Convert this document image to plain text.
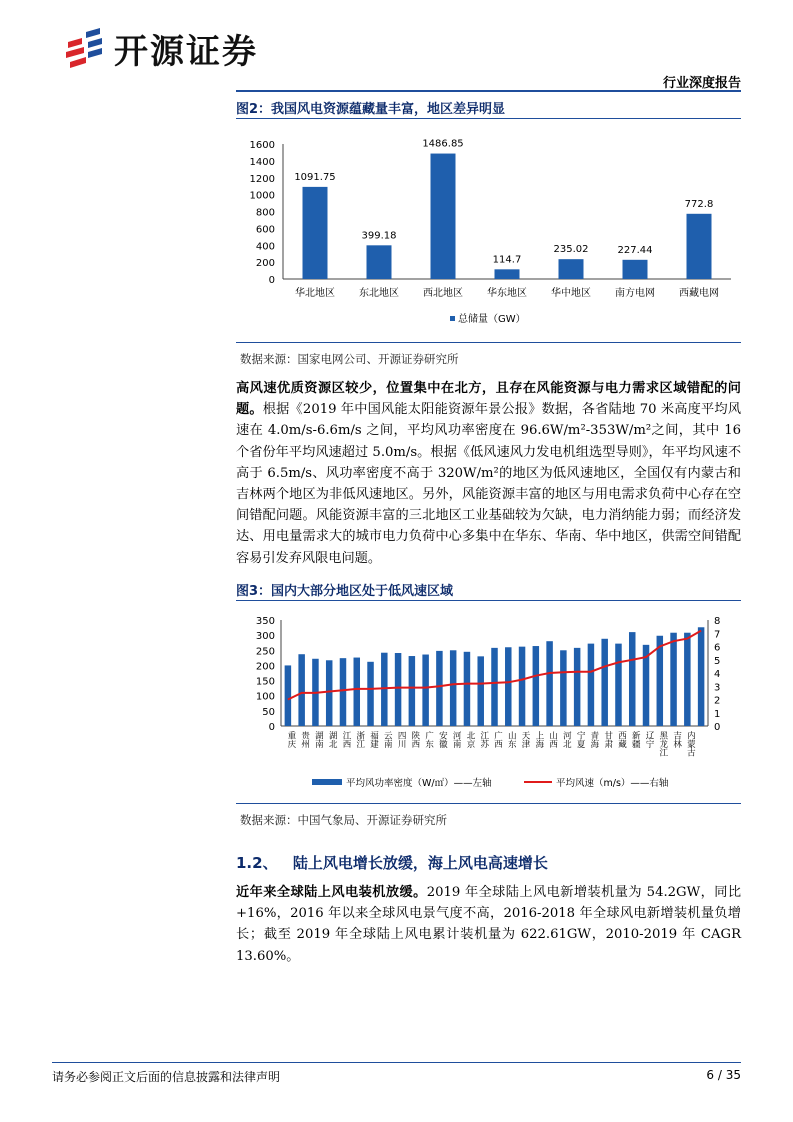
开源证券
行业深度报告
图2：我国风电资源蕴藏量丰富，地区差异明显
0
200
400
600
800
1000
1200
1400
1600
1091.75
华北地区
399.18
东北地区
1486.85
西北地区
114.7
华东地区
235.02
华中地区
227.44
南方电网
772.8
西藏电网
总储量（GW）
数据来源：国家电网公司、开源证券研究所
高风速优质资源区较少，位置集中在北方，且存在风能资源与电力需求区域错配的问题。根据《2019 年中国风能太阳能资源年景公报》数据，各省陆地 70 米高度平均风速在 4.0m/s-6.6m/s 之间，平均风功率密度在 96.6W/m²-353W/m²之间，其中 16 个省份年平均风速超过 5.0m/s。根据《低风速风力发电机组选型导则》，年平均风速不高于 6.5m/s、风功率密度不高于 320W/m²的地区为低风速地区，全国仅有内蒙古和吉林两个地区为非低风速地区。另外，风能资源丰富的地区与用电需求负荷中心存在空间错配问题。风能资源丰富的三北地区工业基础较为欠缺，电力消纳能力弱；而经济发达、用电量需求大的城市电力负荷中心多集中在华东、华南、华中地区，供需空间错配容易引发弃风限电问题。
图3：国内大部分地区处于低风速区域
0
50
100
150
200
250
300
350
0
1
2
3
4
5
6
7
8
重庆 贵州 湖南 湖北 江西 浙江 福建 云南 四川 陕西 广东 安徽 河南 北京 江苏 广西 山东 天津 上海 山西 河北 宁夏 青海 甘肃 西藏 新疆 辽宁 黑龙江 吉林 内蒙古
平均风功率密度（W/㎡）——左轴	平均风速（m/s）——右轴
数据来源：中国气象局、开源证券研究所
1.2、 陆上风电增长放缓，海上风电高速增长
近年来全球陆上风电装机放缓。2019 年全球陆上风电新增装机量为 54.2GW，同比+16%，2016 年以来全球风电景气度不高，2016-2018 年全球风电新增装机量负增长；截至 2019 年全球陆上风电累计装机量为 622.61GW，2010-2019 年 CAGR 13.60%。
请务必参阅正文后面的信息披露和法律声明	6 / 35
